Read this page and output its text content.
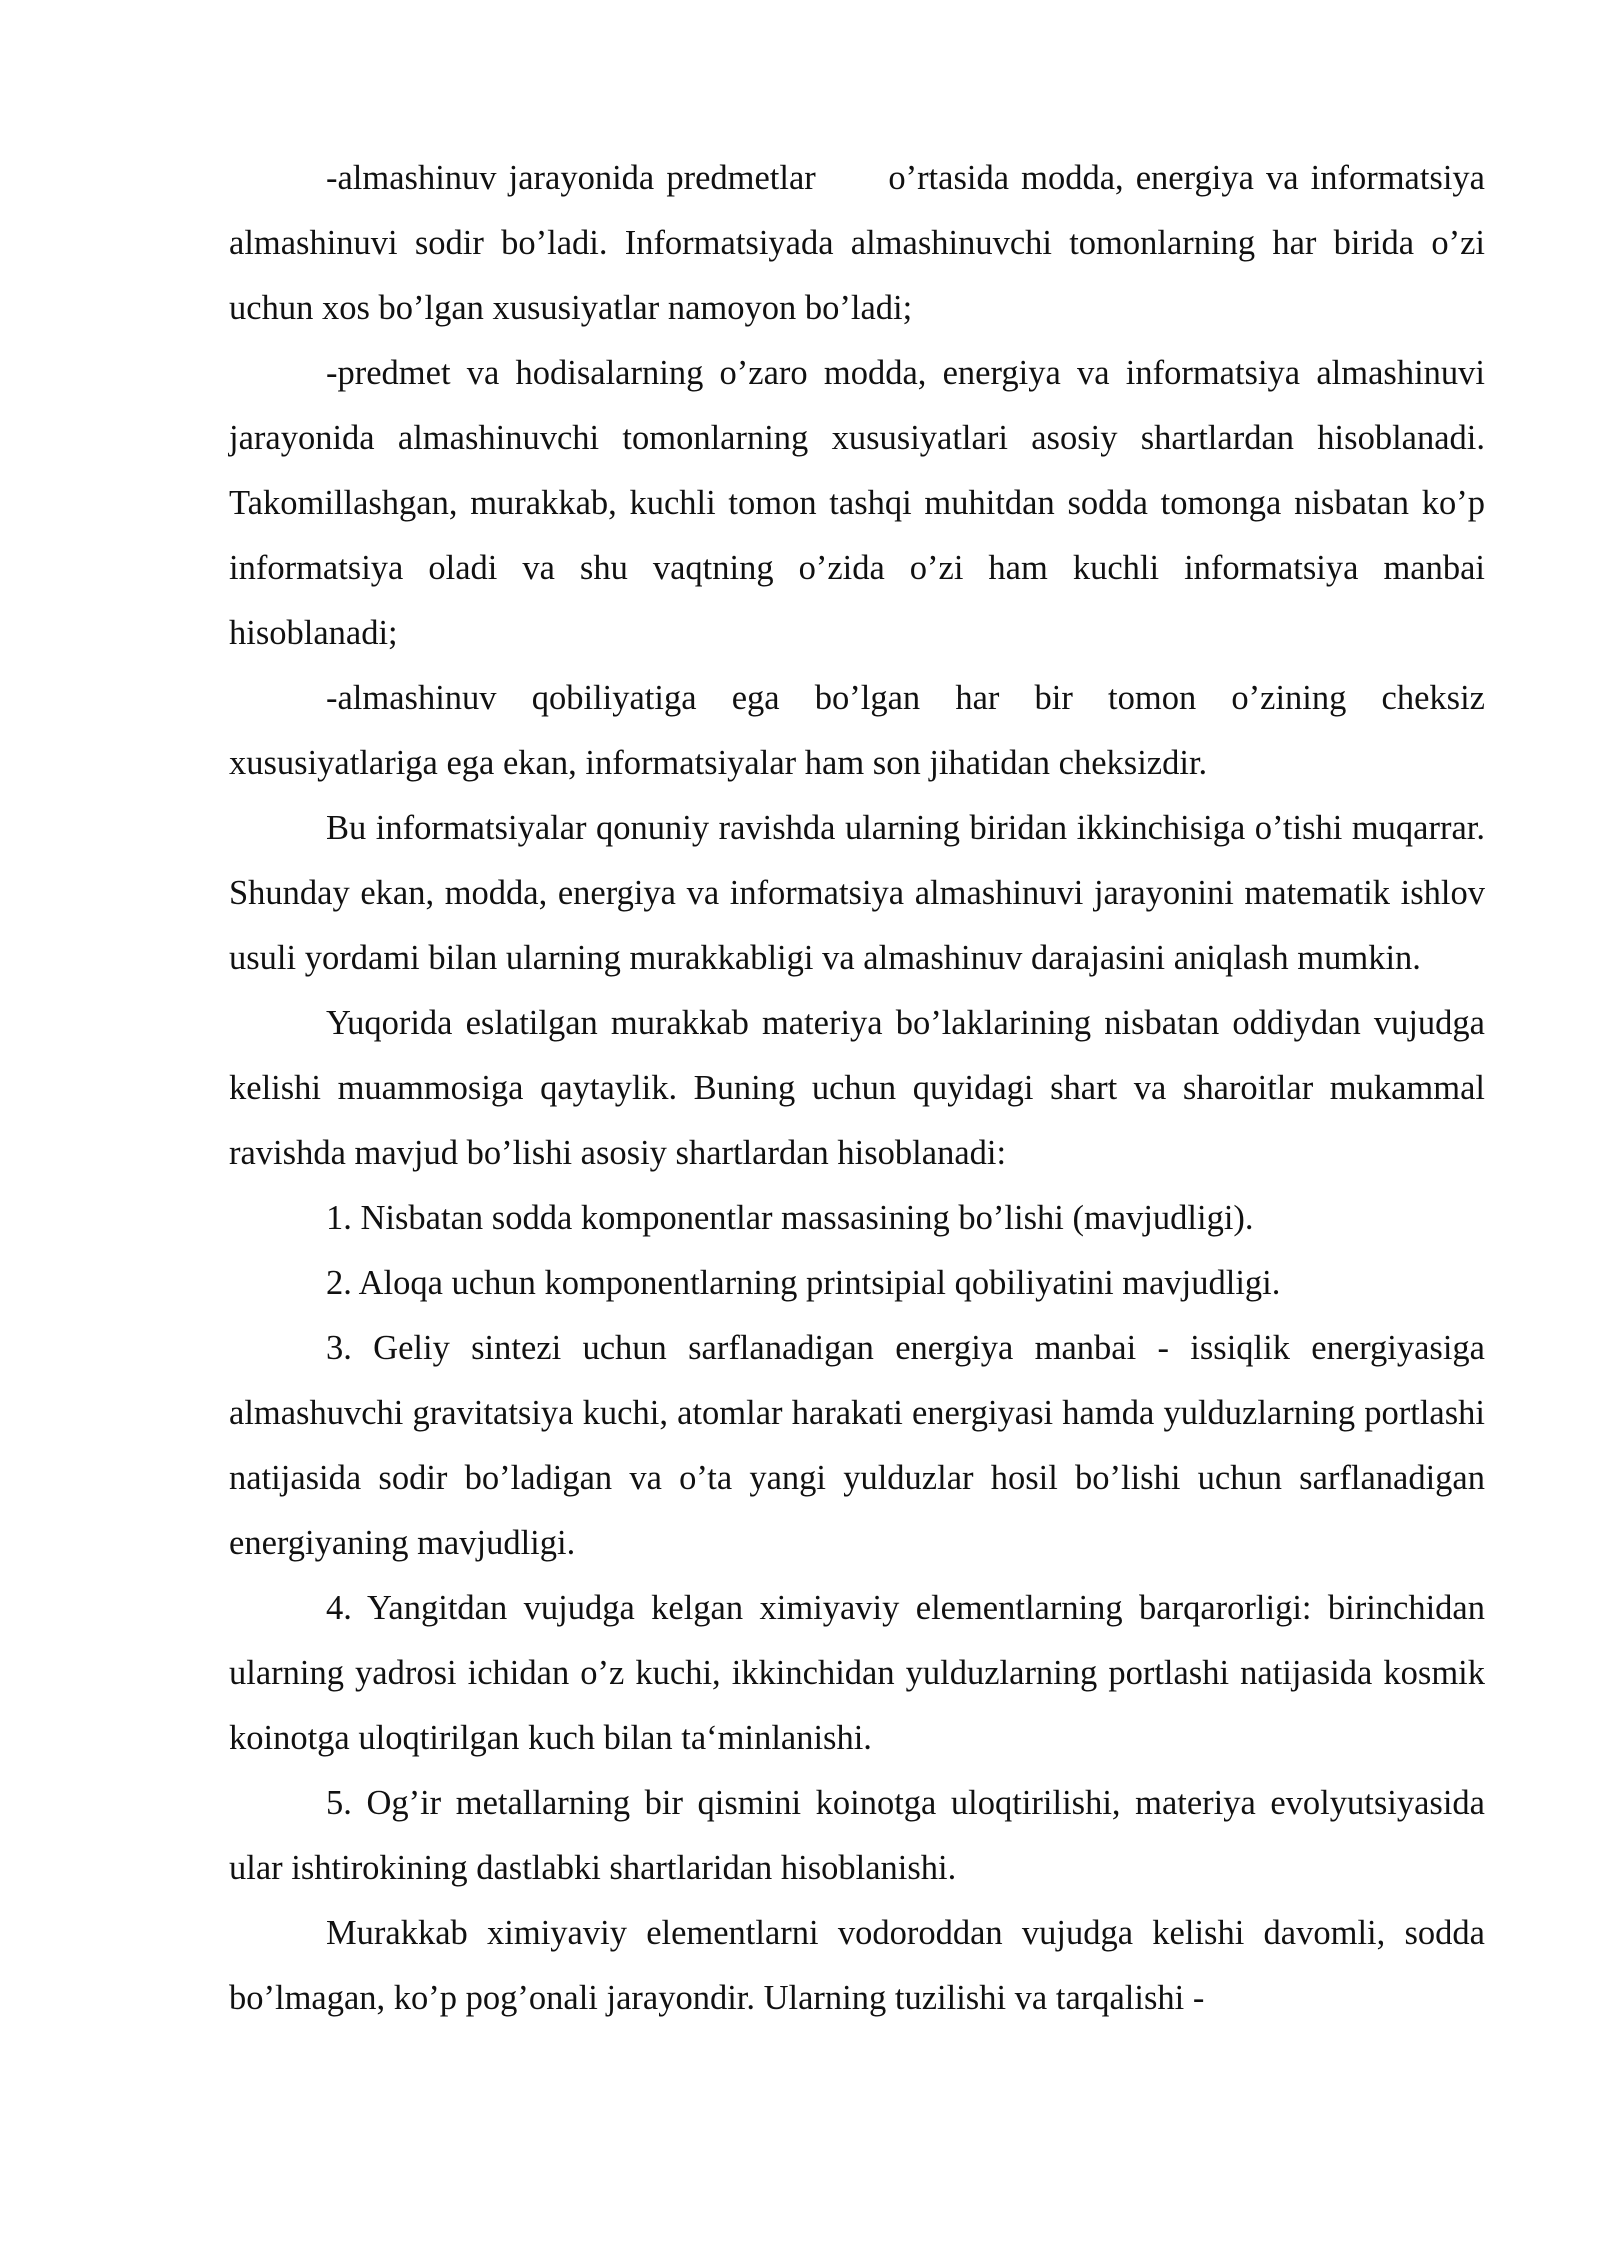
-almashinuv jarayonida predmetlar      o’rtasida modda, energiya va informatsiya almashinuvi sodir bo’ladi. Informatsiyada almashinuvchi tomonlarning har birida o’zi uchun xos bo’lgan xususiyatlar namoyon bo’ladi;

-predmet va hodisalarning o’zaro modda, energiya va informatsiya almashinuvi jarayonida almashinuvchi tomonlarning xususiyatlari asosiy shartlardan hisoblanadi. Takomillashgan, murakkab, kuchli tomon tashqi muhitdan sodda tomonga nisbatan ko’p informatsiya oladi va shu vaqtning o’zida o’zi ham kuchli informatsiya manbai hisoblanadi;

-almashinuv qobiliyatiga ega bo’lgan har bir tomon o’zining cheksiz xususiyatlariga ega ekan, informatsiyalar ham son jihatidan cheksizdir.

Bu informatsiyalar qonuniy ravishda ularning biridan ikkinchisiga o’tishi muqarrar. Shunday ekan, modda, energiya va informatsiya almashinuvi jarayonini matematik ishlov usuli yordami bilan ularning murakkabligi va almashinuv darajasini aniqlash mumkin.

Yuqorida eslatilgan murakkab materiya bo’laklarining nisbatan oddiydan vujudga kelishi muammosiga qaytaylik. Buning uchun quyidagi shart va sharoitlar mukammal ravishda mavjud bo’lishi asosiy shartlardan hisoblanadi:

1. Nisbatan sodda komponentlar massasining bo’lishi (mavjudligi).

2. Aloqa uchun komponentlarning printsipial qobiliyatini mavjudligi.

3. Geliy sintezi uchun sarflanadigan energiya manbai - issiqlik energiyasiga almashuvchi gravitatsiya kuchi, atomlar harakati energiyasi hamda yulduzlarning portlashi natijasida sodir bo’ladigan va o’ta yangi yulduzlar hosil bo’lishi uchun sarflanadigan energiyaning mavjudligi.

4. Yangitdan vujudga kelgan ximiyaviy elementlarning barqarorligi: birinchidan ularning yadrosi ichidan o’z kuchi, ikkinchidan yulduzlarning portlashi natijasida kosmik koinotga uloqtirilgan kuch bilan ta‘minlanishi.

5. Og’ir metallarning bir qismini koinotga uloqtirilishi, materiya evolyutsiyasida ular ishtirokining dastlabki shartlaridan hisoblanishi.

Murakkab ximiyaviy elementlarni vodoroddan vujudga kelishi davomli, sodda bo’lmagan, ko’p pog’onali jarayondir. Ularning tuzilishi va tarqalishi -
